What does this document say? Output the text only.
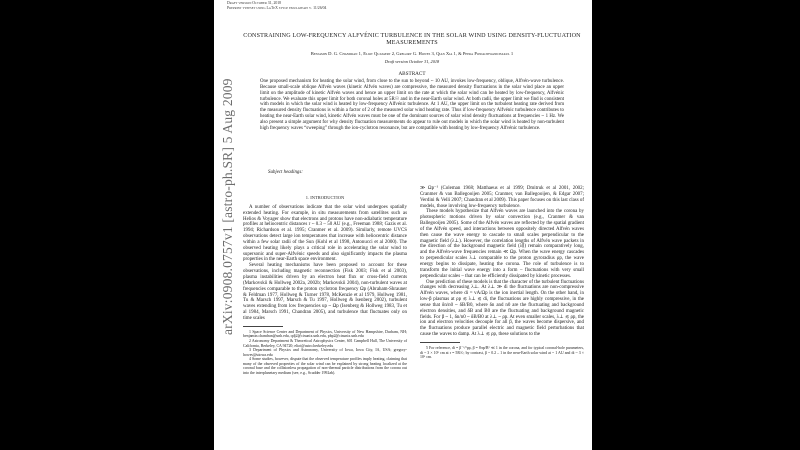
arXiv:0908.0757v1 [astro-ph.SR] 5 Aug 2009
Draft version October 31, 2018
Preprint typeset using LaTeX style emulateapj v. 11/26/04
CONSTRAINING LOW-FREQUENCY ALFVÉNIC TURBULENCE IN THE SOLAR WIND USING DENSITY-FLUCTUATION MEASUREMENTS
Benjamin D. G. Chandran 1, Eliot Quataert 2, Gregory G. Howes 3, Qian Xia 1, & Peera Pongkitiwanichakul 1
Draft version October 31, 2018
ABSTRACT
One proposed mechanism for heating the solar wind, from close to the sun to beyond ~ 10 AU, invokes low-frequency, oblique, Alfvén-wave turbulence. Because small-scale oblique Alfvén waves (kinetic Alfvén waves) are compressive, the measured density fluctuations in the solar wind place an upper limit on the amplitude of kinetic Alfvén waves and hence an upper limit on the rate at which the solar wind can be heated by low-frequency, Alfvénic turbulence. We evaluate this upper limit for both coronal holes at 5R☉ and in the near-Earth solar wind. At both radii, the upper limit we find is consistent with models in which the solar wind is heated by low-frequency Alfvénic turbulence. At 1 AU, the upper limit on the turbulent heating rate derived from the measured density fluctuations is within a factor of 2 of the measured solar wind heating rate. Thus if low-frequency Alfvénic turbulence contributes to heating the near-Earth solar wind, kinetic Alfvén waves must be one of the dominant sources of solar wind density fluctuations at frequencies ~ 1 Hz. We also present a simple argument for why density fluctuation measurements do appear to rule out models in which the solar wind is heated by non-turbulent high frequency waves “sweeping” through the ion-cyclotron resonance, but are compatible with heating by low-frequency Alfvénic turbulence.
Subject headings:
1. INTRODUCTION

A number of observations indicate that the solar wind undergoes spatially extended heating. For example, in situ measurements from satellites such as Helios & Voyager show that electrons and protons have non-adiabatic temperature profiles at heliocentric distances r ~ 0.3 – 50 AU (e.g., Freeman 1988; Gazis et al. 1994; Richardson et al. 1995; Cranmer et al. 2009). Similarly, remote UVCS observations detect large ion temperatures that increase with heliocentric distance within a few solar radii of the Sun (Kohl et al 1998, Antonucci et al 2000). The observed heating likely plays a critical role in accelerating the solar wind to supersonic and super-Alfvénic speeds and also significantly impacts the plasma properties in the near-Earth space environment.

Several heating mechanisms have been proposed to account for these observations, including magnetic reconnection (Fisk 2003; Fisk et al 2003), plasma instabilities driven by an electron heat flux or cross-field currents (Markovskii & Hollweg 2002a, 2002b; Markovskii 2004), non-turbulent waves at frequencies comparable to the proton cyclotron frequency Ωp (Abraham-Shrauner & Feldman 1977, Hollweg & Turner 1978, McKenzie et al 1979, Hollweg 1981, Tu & Marsch 1997, Marsch & Tu 1997, Hollweg & Isenberg 2002), turbulent waves extending from low frequencies up ~ Ωp (Isenberg & Hollweg 1983, Tu et al 1984, Marsch 1991, Chandran 2005), and turbulence that fluctuates only on time scales

1 Space Science Center and Department of Physics, University of New Hampshire, Durham, NH; benjamin.chandran@unh.edu, qdj2@cisunix.unh.edu, pbp2@cisunix.unh.edu

2 Astronomy Department & Theoretical Astrophysics Center, 601 Campbell Hall, The University of California, Berkeley, CA 94720; eliot@astro.berkeley.edu

3 Department of Physics and Astronomy, University of Iowa, Iowa City, IA, USA; gregory-howes@uiowa.edu

4 Some studies, however, dispute that the observed temperature profiles imply heating, claiming that many of the observed properties of the solar wind can be explained by strong heating localized at the coronal base and the collisionless propagation of non-thermal particle distributions from the corona out into the interplanetary medium (see, e.g., Scudder 1992ab).

≫ Ωp⁻¹ (Coleman 1968; Matthaeus et al 1999; Dmitruk et al 2001, 2002; Cranmer & van Ballegooijen 2005; Cranmer, van Ballegooijen, & Edgar 2007; Verdini & Velli 2007; Chandran et al 2009). This paper focuses on this last class of models, those involving low-frequency turbulence.

These models hypothesize that Alfvén waves are launched into the corona by photospheric motions driven by solar convection (e.g., Cranmer & van Ballegooijen 2005). Some of the Alfvén waves are reflected by the spatial gradient of the Alfvén speed, and interactions between oppositely directed Alfvén waves then cause the wave energy to cascade to small scales perpendicular to the magnetic field (λ⊥). However, the correlation lengths of Alfvén wave packets in the direction of the background magnetic field (λ∥) remain comparatively long, and the Alfvén-wave frequencies remain ≪ Ωp. When the wave energy cascades to perpendicular scales λ⊥ comparable to the proton gyroradius ρp, the wave energy begins to dissipate, heating the corona. The role of turbulence is to transform the initial wave energy into a form – fluctuations with very small perpendicular scales – that can be efficiently dissipated by kinetic processes.

One prediction of these models is that the character of the turbulent fluctuations changes with decreasing λ⊥. At λ⊥ ≫ di the fluctuations are non-compressive Alfvén waves, where di = vA/Ωp is the ion inertial length. On the other hand, in low-β plasmas at ρp ≲ λ⊥ ≲ di, the fluctuations are highly compressive, in the sense that δn/n0 ~ δB/B0, where δn and n0 are the fluctuating and background electron densities, and δB and B0 are the fluctuating and background magnetic fields. For β ~ 1, δn/n0 ~ δB/B0 at λ⊥ ~ ρp. At even smaller scales, λ⊥ ≲ ρp, the ion and electron velocities decouple for all β, the waves become dispersive, and the fluctuations produce parallel electric and magnetic field perturbations that cause the waves to damp. At λ⊥ ≲ ρp, these solutions to the

5 For reference, di = β⁻¹/²ρp, β = 8πp/B² ≪ 1 in the corona, and for typical coronal-hole parameters, di ~ 3 × 10⁵ cm at r = 5R☉; by contrast, β ~ 0.2 – 1 in the near-Earth solar wind at ~ 1 AU and di ~ 3 × 10⁶ cm.
